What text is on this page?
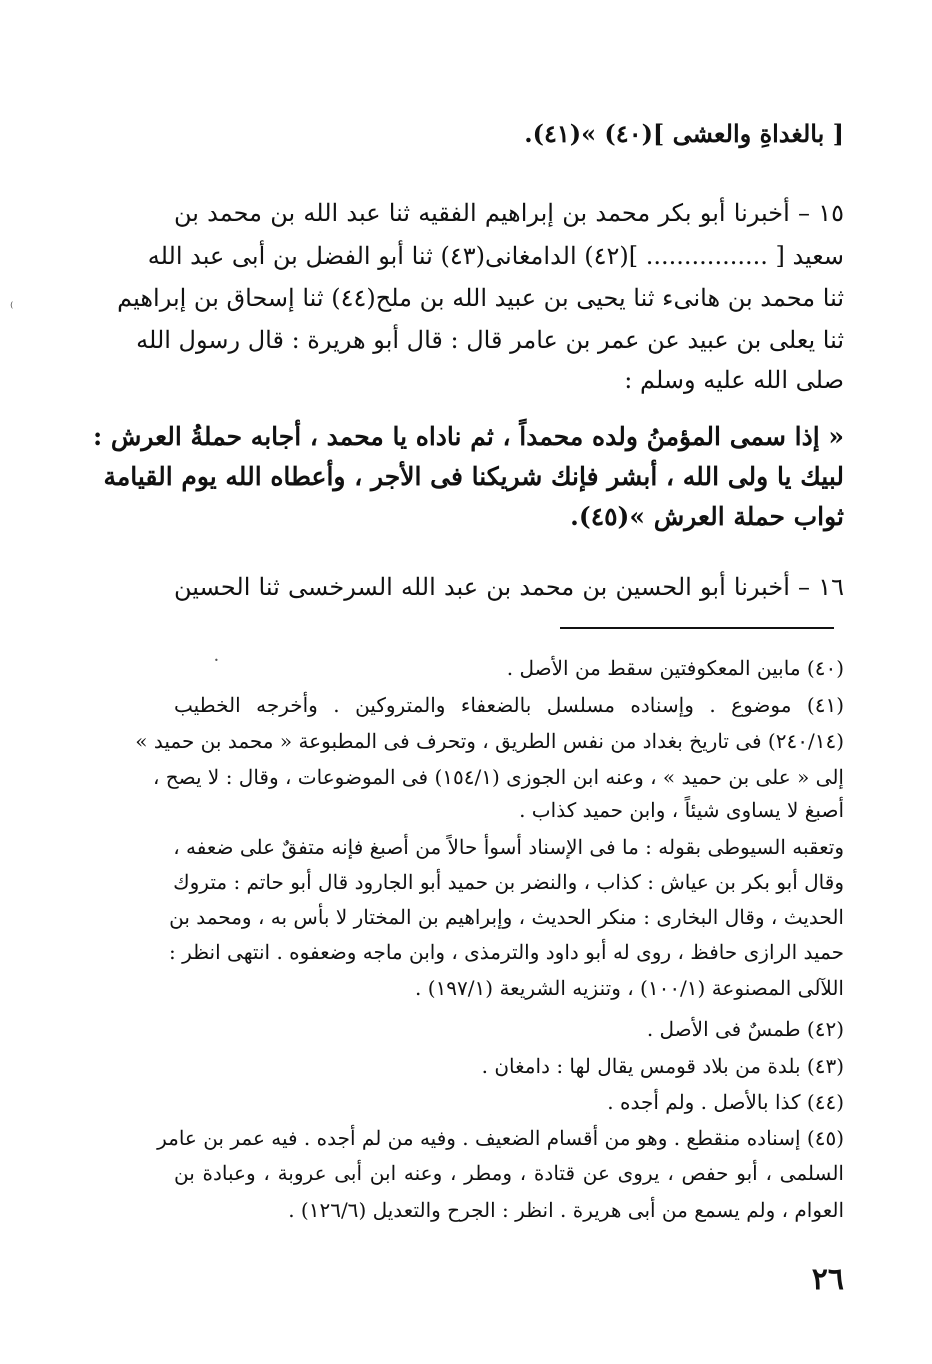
[ بالغداةِ والعشى ](٤٠) »(٤١).
١٥ – أخبرنا أبو بكر محمد بن إبراهيم الفقيه ثنا عبد الله بن محمد بن
سعيد [ ................ ](٤٢) الدامغانى(٤٣) ثنا أبو الفضل بن أبى عبد الله
ثنا محمد بن هانىء ثنا يحيى بن عبيد الله بن ملح(٤٤) ثنا إسحاق بن إبراهيم
ثنا يعلى بن عبيد عن عمر بن عامر قال : قال أبو هريرة : قال رسول الله
صلى الله عليه وسلم :
« إذا سمى المؤمنُ ولده محمداً ، ثم ناداه يا محمد ، أجابه حملةُ العرش :
لبيك يا ولى الله ، أبشر فإنك شريكنا فى الأجر ، وأعطاه الله يوم القيامة
ثواب حملة العرش »(٤٥).
١٦ – أخبرنا أبو الحسين بن محمد بن عبد الله السرخسى ثنا الحسين
(٤٠) مابين المعكوفتين سقط من الأصل .
(٤١) موضوع . وإسناده مسلسل بالضعفاء والمتروكين . وأخرجه الخطيب
(٢٤٠/١٤) فى تاريخ بغداد من نفس الطريق ، وتحرف فى المطبوعة « محمد بن حميد »
إلى « على بن حميد » ، وعنه ابن الجوزى (١٥٤/١) فى الموضوعات ، وقال : لا يصح ،
أصبغ لا يساوى شيئاً ، وابن حميد كذاب .
وتعقبه السيوطى بقوله : ما فى الإسناد أسوأ حالاً من أصبغ فإنه متفقٌ على ضعفه ،
وقال أبو بكر بن عياش : كذاب ، والنضر بن حميد أبو الجارود قال أبو حاتم : متروك
الحديث ، وقال البخارى : منكر الحديث ، وإبراهيم بن المختار لا بأس به ، ومحمد بن
حميد الرازى حافظ ، روى له أبو داود والترمذى ، وابن ماجه وضعفوه . انتهى انظر :
اللآلى المصنوعة (١٠٠/١) ، وتنزيه الشريعة (١٩٧/١) .
(٤٢) طمسٌ فى الأصل .
(٤٣) بلدة من بلاد قومس يقال لها : دامغان .
(٤٤) كذا بالأصل . ولم أجده .
(٤٥) إسناده منقطع . وهو من أقسام الضعيف . وفيه من لم أجده . فيه عمر بن عامر
السلمى ، أبو حفص ، يروى عن قتادة ، ومطر ، وعنه ابن أبى عروبة ، وعبادة بن
العوام ، ولم يسمع من أبى هريرة . انظر : الجرح والتعديل (١٢٦/٦) .
٢٦
⁾
•
